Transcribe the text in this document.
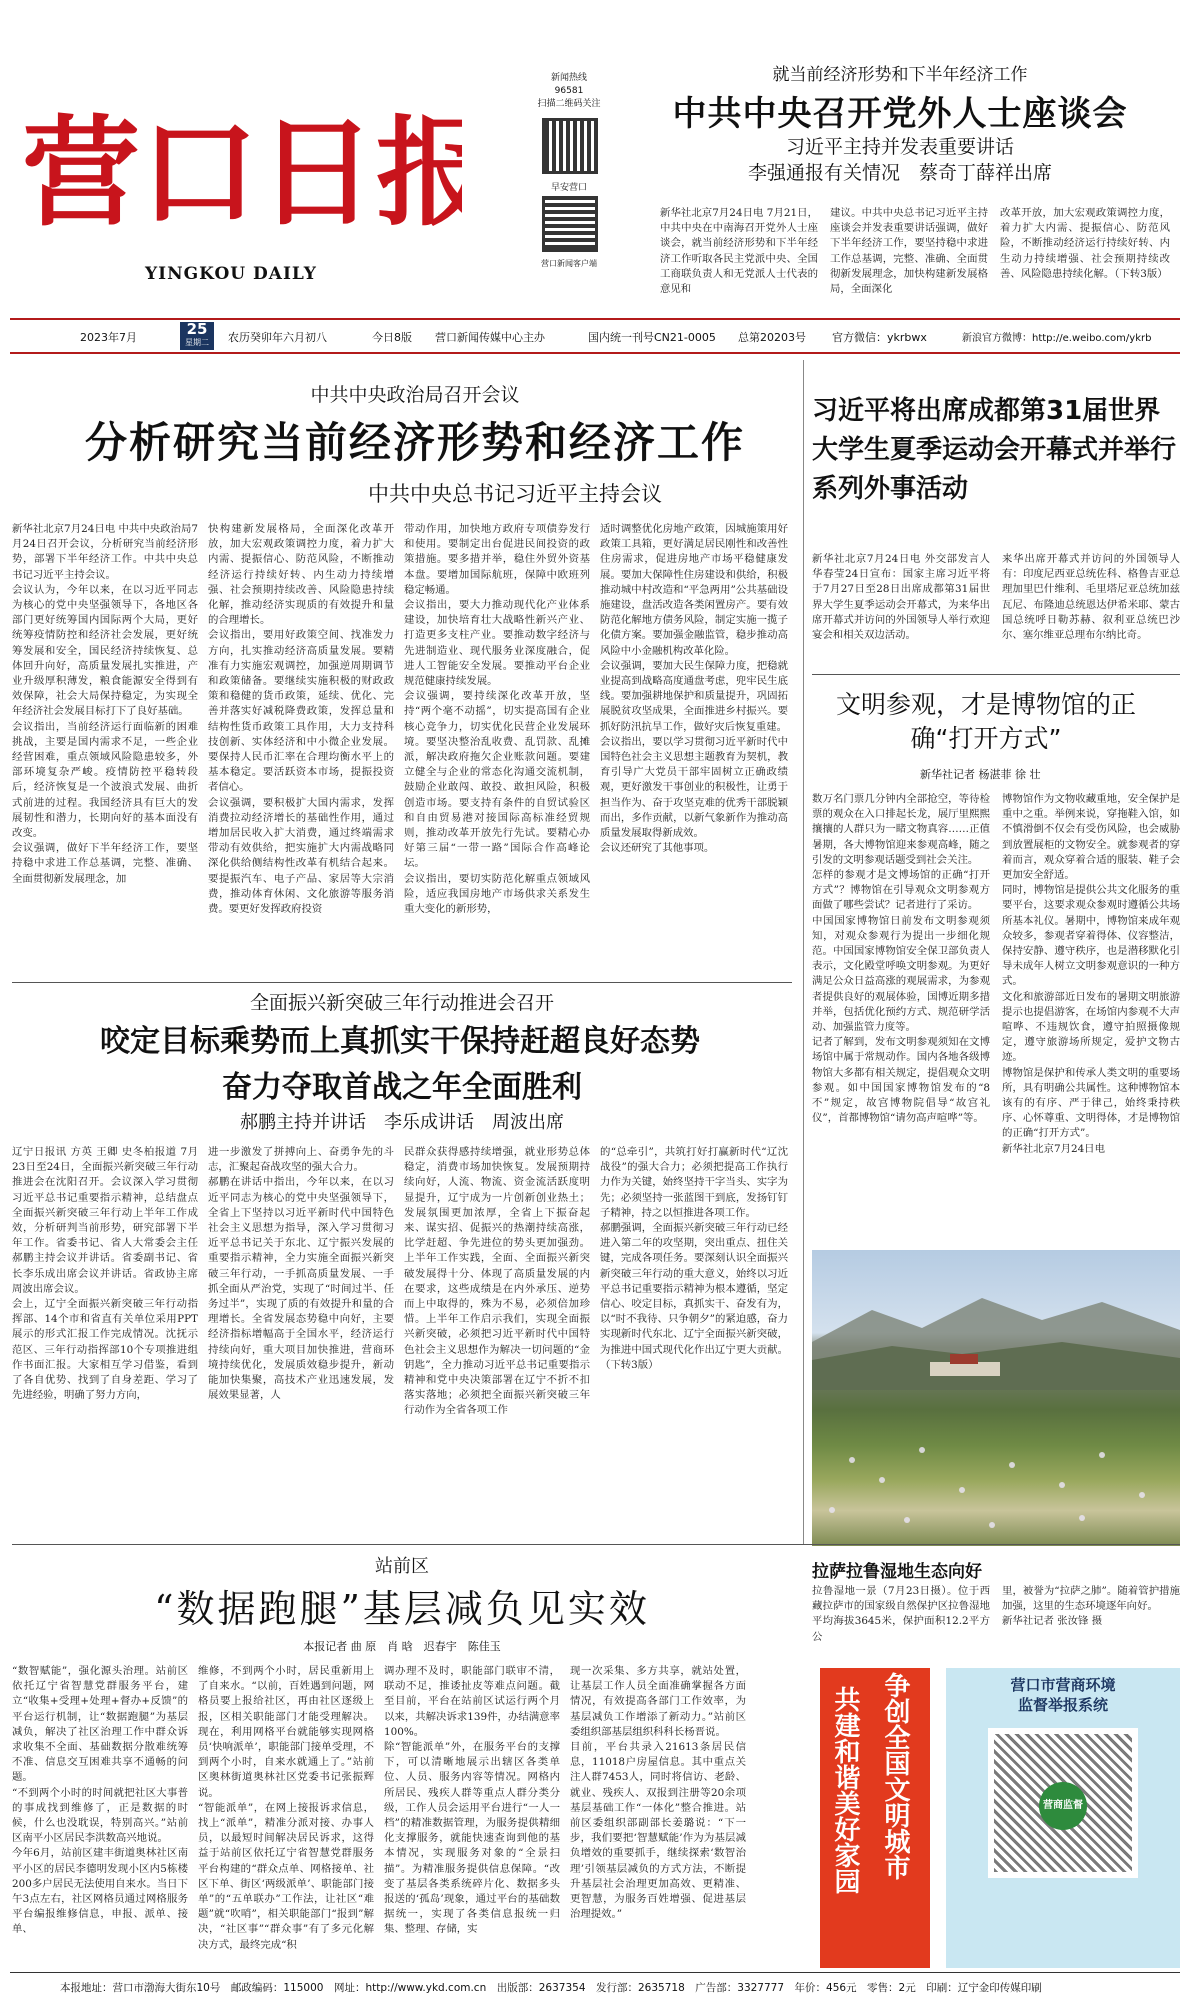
营口日报
YINGKOU DAILY
新闻热线
96581
扫描二维码关注
早安营口
营口新闻客户端
就当前经济形势和下半年经济工作
中共中央召开党外人士座谈会
习近平主持并发表重要讲话
李强通报有关情况　蔡奇丁薛祥出席
新华社北京7月24日电 7月21日，中共中央在中南海召开党外人士座谈会，就当前经济形势和下半年经济工作听取各民主党派中央、全国工商联负责人和无党派人士代表的意见和
建议。中共中央总书记习近平主持座谈会并发表重要讲话强调，做好下半年经济工作，要坚持稳中求进工作总基调，完整、准确、全面贯彻新发展理念，加快构建新发展格局，全面深化
改革开放，加大宏观政策调控力度，着力扩大内需、提振信心、防范风险，不断推动经济运行持续好转、内生动力持续增强、社会预期持续改善、风险隐患持续化解。（下转3版）
2023年7月	25
星期二	农历癸卯年六月初八	今日8版 营口新闻传媒中心主办	国内统一刊号CN21-0005 总第20203号 官方微信：ykrbwx	新浪官方微博：http://e.weibo.com/ykrb
中共中央政治局召开会议
分析研究当前经济形势和经济工作
中共中央总书记习近平主持会议
新华社北京7月24日电 中共中央政治局7月24日召开会议，分析研究当前经济形势，部署下半年经济工作。中共中央总书记习近平主持会议。
会议认为，今年以来，在以习近平同志为核心的党中央坚强领导下，各地区各部门更好统筹国内国际两个大局，更好统筹疫情防控和经济社会发展，更好统筹发展和安全，国民经济持续恢复、总体回升向好，高质量发展扎实推进，产业升级厚积薄发，粮食能源安全得到有效保障，社会大局保持稳定，为实现全年经济社会发展目标打下了良好基础。
会议指出，当前经济运行面临新的困难挑战，主要是国内需求不足，一些企业经营困难，重点领域风险隐患较多，外部环境复杂严峻。疫情防控平稳转段后，经济恢复是一个波浪式发展、曲折式前进的过程。我国经济具有巨大的发展韧性和潜力，长期向好的基本面没有改变。
会议强调，做好下半年经济工作，要坚持稳中求进工作总基调，完整、准确、全面贯彻新发展理念，加
快构建新发展格局，全面深化改革开放，加大宏观政策调控力度，着力扩大内需、提振信心、防范风险，不断推动经济运行持续好转、内生动力持续增强、社会预期持续改善、风险隐患持续化解，推动经济实现质的有效提升和量的合理增长。
会议指出，要用好政策空间、找准发力方向，扎实推动经济高质量发展。要精准有力实施宏观调控，加强逆周期调节和政策储备。要继续实施积极的财政政策和稳健的货币政策，延续、优化、完善并落实好减税降费政策，发挥总量和结构性货币政策工具作用，大力支持科技创新、实体经济和中小微企业发展。要保持人民币汇率在合理均衡水平上的基本稳定。要活跃资本市场，提振投资者信心。
会议强调，要积极扩大国内需求，发挥消费拉动经济增长的基础性作用，通过增加居民收入扩大消费，通过终端需求带动有效供给，把实施扩大内需战略同深化供给侧结构性改革有机结合起来。要提振汽车、电子产品、家居等大宗消费，推动体育休闲、文化旅游等服务消费。要更好发挥政府投资
带动作用，加快地方政府专项债券发行和使用。要制定出台促进民间投资的政策措施。要多措并举，稳住外贸外资基本盘。要增加国际航班，保障中欧班列稳定畅通。
会议指出，要大力推动现代化产业体系建设，加快培育壮大战略性新兴产业、打造更多支柱产业。要推动数字经济与先进制造业、现代服务业深度融合，促进人工智能安全发展。要推动平台企业规范健康持续发展。
会议强调，要持续深化改革开放，坚持“两个毫不动摇”，切实提高国有企业核心竞争力，切实优化民营企业发展环境。要坚决整治乱收费、乱罚款、乱摊派，解决政府拖欠企业账款问题。要建立健全与企业的常态化沟通交流机制，鼓励企业敢闯、敢投、敢担风险，积极创造市场。要支持有条件的自贸试验区和自由贸易港对接国际高标准经贸规则，推动改革开放先行先试。要精心办好第三届“一带一路”国际合作高峰论坛。
会议指出，要切实防范化解重点领域风险，适应我国房地产市场供求关系发生重大变化的新形势，
适时调整优化房地产政策，因城施策用好政策工具箱，更好满足居民刚性和改善性住房需求，促进房地产市场平稳健康发展。要加大保障性住房建设和供给，积极推动城中村改造和“平急两用”公共基础设施建设，盘活改造各类闲置房产。要有效防范化解地方债务风险，制定实施一揽子化债方案。要加强金融监管，稳步推动高风险中小金融机构改革化险。
会议强调，要加大民生保障力度，把稳就业提高到战略高度通盘考虑，兜牢民生底线。要加强耕地保护和质量提升，巩固拓展脱贫攻坚成果，全面推进乡村振兴。要抓好防汛抗旱工作，做好灾后恢复重建。
会议指出，要以学习贯彻习近平新时代中国特色社会主义思想主题教育为契机，教育引导广大党员干部牢固树立正确政绩观，更好激发干事创业的积极性，让勇于担当作为、奋于攻坚克难的优秀干部脱颖而出，多作贡献，以新气象新作为推动高质量发展取得新成效。
会议还研究了其他事项。
习近平将出席成都第31届世界大学生夏季运动会开幕式并举行系列外事活动
新华社北京7月24日电 外交部发言人华春莹24日宣布：国家主席习近平将于7月27日至28日出席成都第31届世界大学生夏季运动会开幕式，为来华出席开幕式并访问的外国领导人举行欢迎宴会和相关双边活动。
来华出席开幕式并访问的外国领导人有：印度尼西亚总统佐科、格鲁吉亚总理加里巴什维利、毛里塔尼亚总统加兹瓦尼、布隆迪总统恩达伊希米耶、蒙古国总统呼日勒苏赫、叙利亚总统巴沙尔、塞尔维亚总理布尔纳比奇。
文明参观，才是博物馆的正确“打开方式”
新华社记者 杨湛菲 徐 壮
数万名门票几分钟内全部抢空，等待检票的观众在入口排起长龙，展厅里熙熙攘攘的人群只为一睹文物真容……正值暑期，各大博物馆迎来参观高峰，随之引发的文明参观话题受到社会关注。
怎样的参观才是文博场馆的正确“打开方式”？博物馆在引导观众文明参观方面做了哪些尝试？记者进行了采访。
中国国家博物馆日前发布文明参观须知，对观众参观行为提出一步细化规范。中国国家博物馆安全保卫部负责人表示，文化殿堂呼唤文明参观。为更好满足公众日益高涨的观展需求，为参观者提供良好的观展体验，国博近期多措并举，包括优化预约方式、规范研学活动、加强监管力度等。
记者了解到，发布文明参观须知在文博场馆中属于常规动作。国内各地各级博物馆大多都有相关规定，提倡观众文明参观。如中国国家博物馆发布的“8不”规定，故宫博物院倡导“故宫礼仪”，首都博物馆“请勿高声喧哗”等。
博物馆作为文物收藏重地，安全保护是重中之重。举例来说，穿拖鞋入馆，如不慎滑倒不仅会有受伤风险，也会威胁到放置展柜的文物安全。就参观者的穿着而言，观众穿着合适的服装、鞋子会更加安全舒适。
同时，博物馆是提供公共文化服务的重要平台，这要求观众参观时遵循公共场所基本礼仪。暑期中，博物馆来成年观众较多，参观者穿着得体、仪容整洁，保持安静、遵守秩序，也是潜移默化引导未成年人树立文明参观意识的一种方式。
文化和旅游部近日发布的暑期文明旅游提示也提倡游客，在场馆内参观不大声喧哗、不违规饮食，遵守拍照摄像规定，遵守旅游场所规定，爱护文物古迹。
博物馆是保护和传承人类文明的重要场所，具有明确公共属性。这种博物馆本该有的有序、严于律己，始终秉持秩序、心怀尊重、文明得体，才是博物馆的正确“打开方式”。
新华社北京7月24日电
拉萨拉鲁湿地生态向好
拉鲁湿地一景（7月23日摄）。位于西藏拉萨市的国家级自然保护区拉鲁湿地平均海拔3645米，保护面积12.2平方公
里，被誉为“拉萨之肺”。随着管护措施加强，这里的生态环境逐年向好。
新华社记者 张汝锋 摄
全面振兴新突破三年行动推进会召开
咬定目标乘势而上真抓实干保持赶超良好态势
奋力夺取首战之年全面胜利
郝鹏主持并讲话　李乐成讲话　周波出席
辽宁日报讯 方英 王卿 史冬柏报道 7月23日至24日，全面振兴新突破三年行动推进会在沈阳召开。会议深入学习贯彻习近平总书记重要指示精神，总结盘点全面振兴新突破三年行动上半年工作成效，分析研判当前形势，研究部署下半年工作。省委书记、省人大常委会主任郝鹏主持会议并讲话。省委副书记、省长李乐成出席会议并讲话。省政协主席周波出席会议。
会上，辽宁全面振兴新突破三年行动指挥部、14个市和省直有关单位采用PPT展示的形式汇报工作完成情况。沈抚示范区、三年行动指挥部10个专项推进组作书面汇报。大家相互学习借鉴，看到了各自优势、找到了自身差距、学习了先进经验，明确了努力方向，
进一步激发了拼搏向上、奋勇争先的斗志，汇聚起奋战攻坚的强大合力。
郝鹏在讲话中指出，今年以来，在以习近平同志为核心的党中央坚强领导下，全省上下坚持以习近平新时代中国特色社会主义思想为指导，深入学习贯彻习近平总书记关于东北、辽宁振兴发展的重要指示精神，全力实施全面振兴新突破三年行动，一手抓高质量发展、一手抓全面从严治党，实现了“时间过半、任务过半”，实现了质的有效提升和量的合理增长。全省发展态势稳中向好，主要经济指标增幅高于全国水平，经济运行持续向好，重大项目加快推进，营商环境持续优化，发展质效稳步提升，新动能加快集聚，高技术产业迅速发展，发展效果显著，人
民群众获得感持续增强，就业形势总体稳定，消费市场加快恢复。发展预期持续向好，人流、物流、资金流活跃度明显提升，辽宁成为一片创新创业热土；发展氛围更加浓厚，全省上下振奋起来、谋实招、促振兴的热潮持续高涨，比学赶超、争先进位的势头更加强劲。上半年工作实践，全面、全面振兴新突破发展得十分、体现了高质量发展的内在要求，这些成绩是在内外承压、逆势而上中取得的，殊为不易，必须倍加珍惜。上半年工作启示我们，实现全面振兴新突破，必须把习近平新时代中国特色社会主义思想作为解决一切问题的“金钥匙”，全力推动习近平总书记重要指示精神和党中央决策部署在辽宁不折不扣落实落地；必须把全面振兴新突破三年行动作为全省各项工作
的“总牵引”，共筑打好打赢新时代“辽沈战役”的强大合力；必须把提高工作执行力作为关键，始终坚持干字当头、实字为先；必须坚持一张蓝图干到底，发扬钉钉子精神，持之以恒推进各项工作。
郝鹏强调，全面振兴新突破三年行动已经进入第二年的攻坚期，突出重点、扭住关键，完成各项任务。要深刻认识全面振兴新突破三年行动的重大意义，始终以习近平总书记重要指示精神为根本遵循，坚定信心、咬定目标，真抓实干、奋发有为，以“时不我待、只争朝夕”的紧迫感，奋力实现新时代东北、辽宁全面振兴新突破，为推进中国式现代化作出辽宁更大贡献。（下转3版）
站前区
“数据跑腿”基层减负见实效
本报记者 曲 原　肖 晗　迟春宇　陈佳玉
“数智赋能”，强化源头治理。站前区依托辽宁省智慧党群服务平台，建立“收集+受理+处理+督办+反馈”的平台运行机制，让“数据跑腿”为基层减负，解决了社区治理工作中群众诉求收集不全面、基础数据分散难统筹不准、信息交互困难共享不通畅的问题。
“不到两个小时的时间就把社区大事普的事成找到维修了，正是数据的时候，什么也没耽误，特别高兴。”站前区南平小区居民李洪数高兴地说。
今年6月，站前区建丰街道奥林社区南平小区的居民李德明发现小区内5栋楼200多户居民无法使用自来水。当日下午3点左右，社区网格员通过网格服务平台编报维修信息，申报、派单、接单、
维修，不到两个小时，居民重新用上了自来水。“以前，百姓遇到问题，网格员要上报给社区，再由社区逐级上报，区相关职能部门才能受理解决。现在，利用网格平台就能够实现网格员‘快响派单’，职能部门接单受理，不到两个小时，自来水就通上了。”站前区奥林街道奥林社区党委书记张振辉说。
“智能派单”，在网上接报诉求信息，找上“派单”，精准分派对接、办事人员，以最短时间解决居民诉求，这得益于站前区依托辽宁省智慧党群服务平台构建的“群众点单、网格接单、社区下单、街区‘两级派单’、职能部门接单”的“五单联办”工作法，让社区“难题”就“吹哨”，相关职能部门“报到”解决，“社区事”“群众事”有了多元化解决方式，最终完成“积
调办理不及时，职能部门联审不清，联动不足，推诿扯皮等难点问题。截至目前，平台在站前区试运行两个月以来，共解决诉求139件，办结满意率100%。
除“智能派单”外，在服务平台的支撑下，可以清晰地展示出辖区各类单位、人员、服务内容等情况。网格内所居民、残疾人群等重点人群分类分级，工作人员会运用平台进行“一人一档”的精准数据管理，为服务提供精细化支撑服务，就能快速查询到他的基本情况，实现服务对象的“全景扫描”。为精准服务提供信息保障。“改变了基层各类系统碎片化、数据多头报送的‘孤岛’现象，通过平台的基础数据统一，实现了各类信息报统一归集、整理、存储，实
现一次采集、多方共享，就站处置，让基层工作人员全面准确掌握各方面情况，有效提高各部门工作效率，为基层减负工作增添了新动力。”站前区委组织部基层组织科科长杨晋说。
目前，平台共录入21613条居民信息，11018户房屋信息。其中重点关注人群7453人，同时将信访、老龄、就业、残疾人、双报到注册等20余项基层基础工作“一体化”整合推进。站前区委组织部副部长姜璐说：“下一步，我们要把‘智慧赋能’作为为基层减负增效的重要抓手，继续探索‘数智治理’引领基层减负的方式方法，不断提升基层社会治理更加高效、更精准、更智慧，为服务百姓增强、促进基层治理提效。”
共建和谐美好家园 争创全国文明城市	营口市营商环境
监督举报系统
营商监督
本报地址：营口市渤海大街东10号　邮政编码：115000　网址：http://www.ykd.com.cn　出版部：2637354　发行部：2635718　广告部：3327777　年价：456元　零售：2元　印刷：辽宁金印传媒印刷
